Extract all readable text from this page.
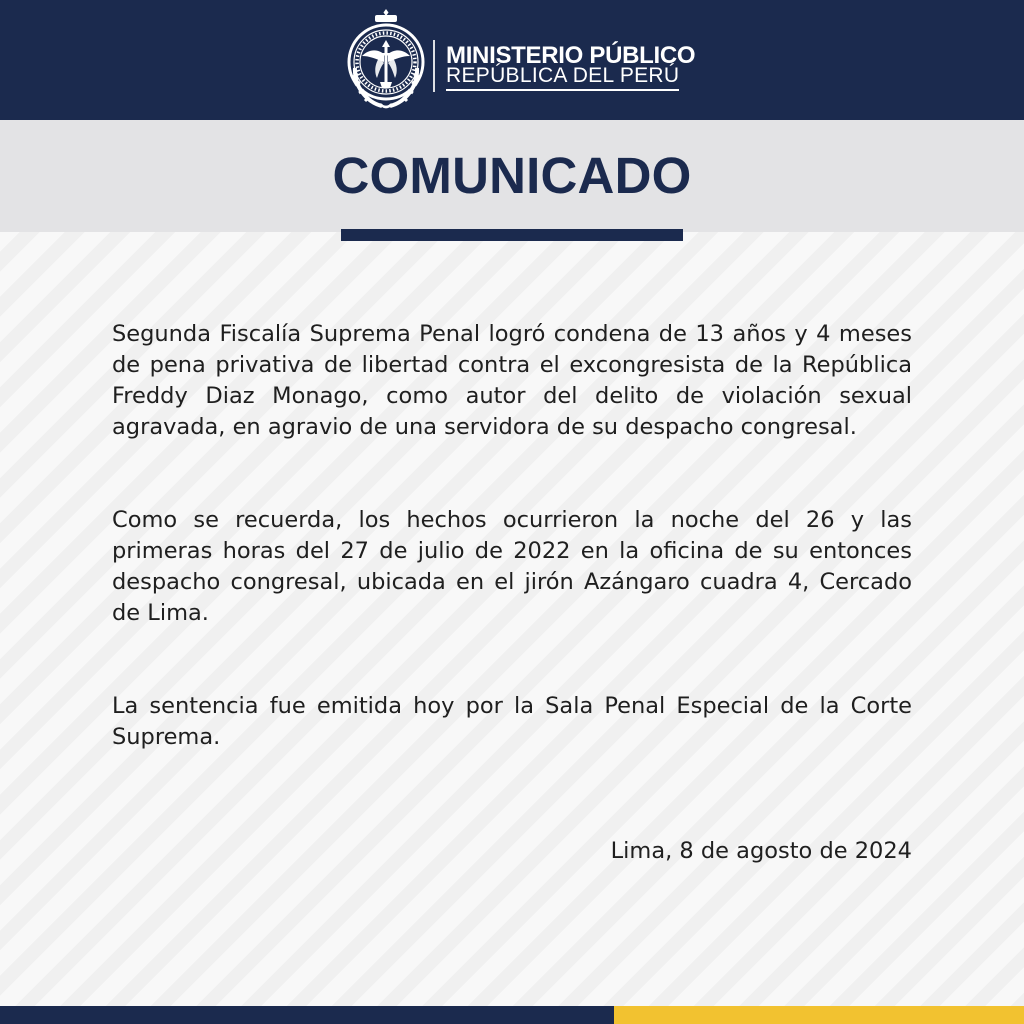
MINISTERIO PÚBLICO
REPÚBLICA DEL PERÚ
COMUNICADO

Segunda Fiscalía Suprema Penal logró condena de 13 años y 4 meses de pena privativa de libertad contra el excongresista de la República Freddy Diaz Monago, como autor del delito de violación sexual agravada, en agravio de una servidora de su despacho congresal.

Como se recuerda, los hechos ocurrieron la noche del 26 y las primeras horas del 27 de julio de 2022 en la oficina de su entonces despacho congresal, ubicada en el jirón Azángaro cuadra 4, Cercado de Lima.

La sentencia fue emitida hoy por la Sala Penal Especial de la Corte Suprema.

Lima, 8 de agosto de 2024
